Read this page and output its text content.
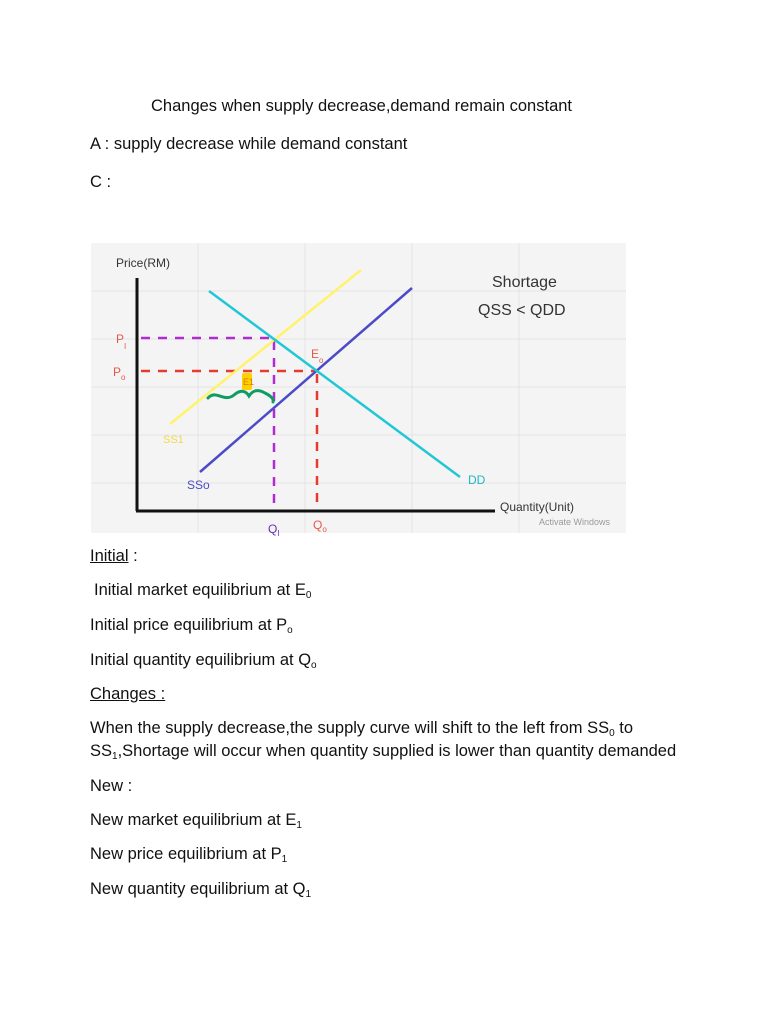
Changes when supply decrease,demand remain constant
A : supply decrease while demand constant
C :
Price(RM)
Quantity(Unit)
Activate Windows
Shortage
QSS < QDD
E1
$P_I$
$P_o$
$Q_I$
$Q_o$
$E_o$
SS1
SSo	DD
Initial :
Initial market equilibrium at $E_0$
Initial price equilibrium at $P_o$
Initial quantity equilibrium at $Q_o$
Changes :
When the supply decrease,the supply curve will shift to the left from $SS_0$ to
$SS_1,Shortage$ will occur when quantity supplied is lower than quantity demanded
New :
New market equilibrium at $E_1$
New price equilibrium at $P_1$
New quantity equilibrium at $Q_1$
